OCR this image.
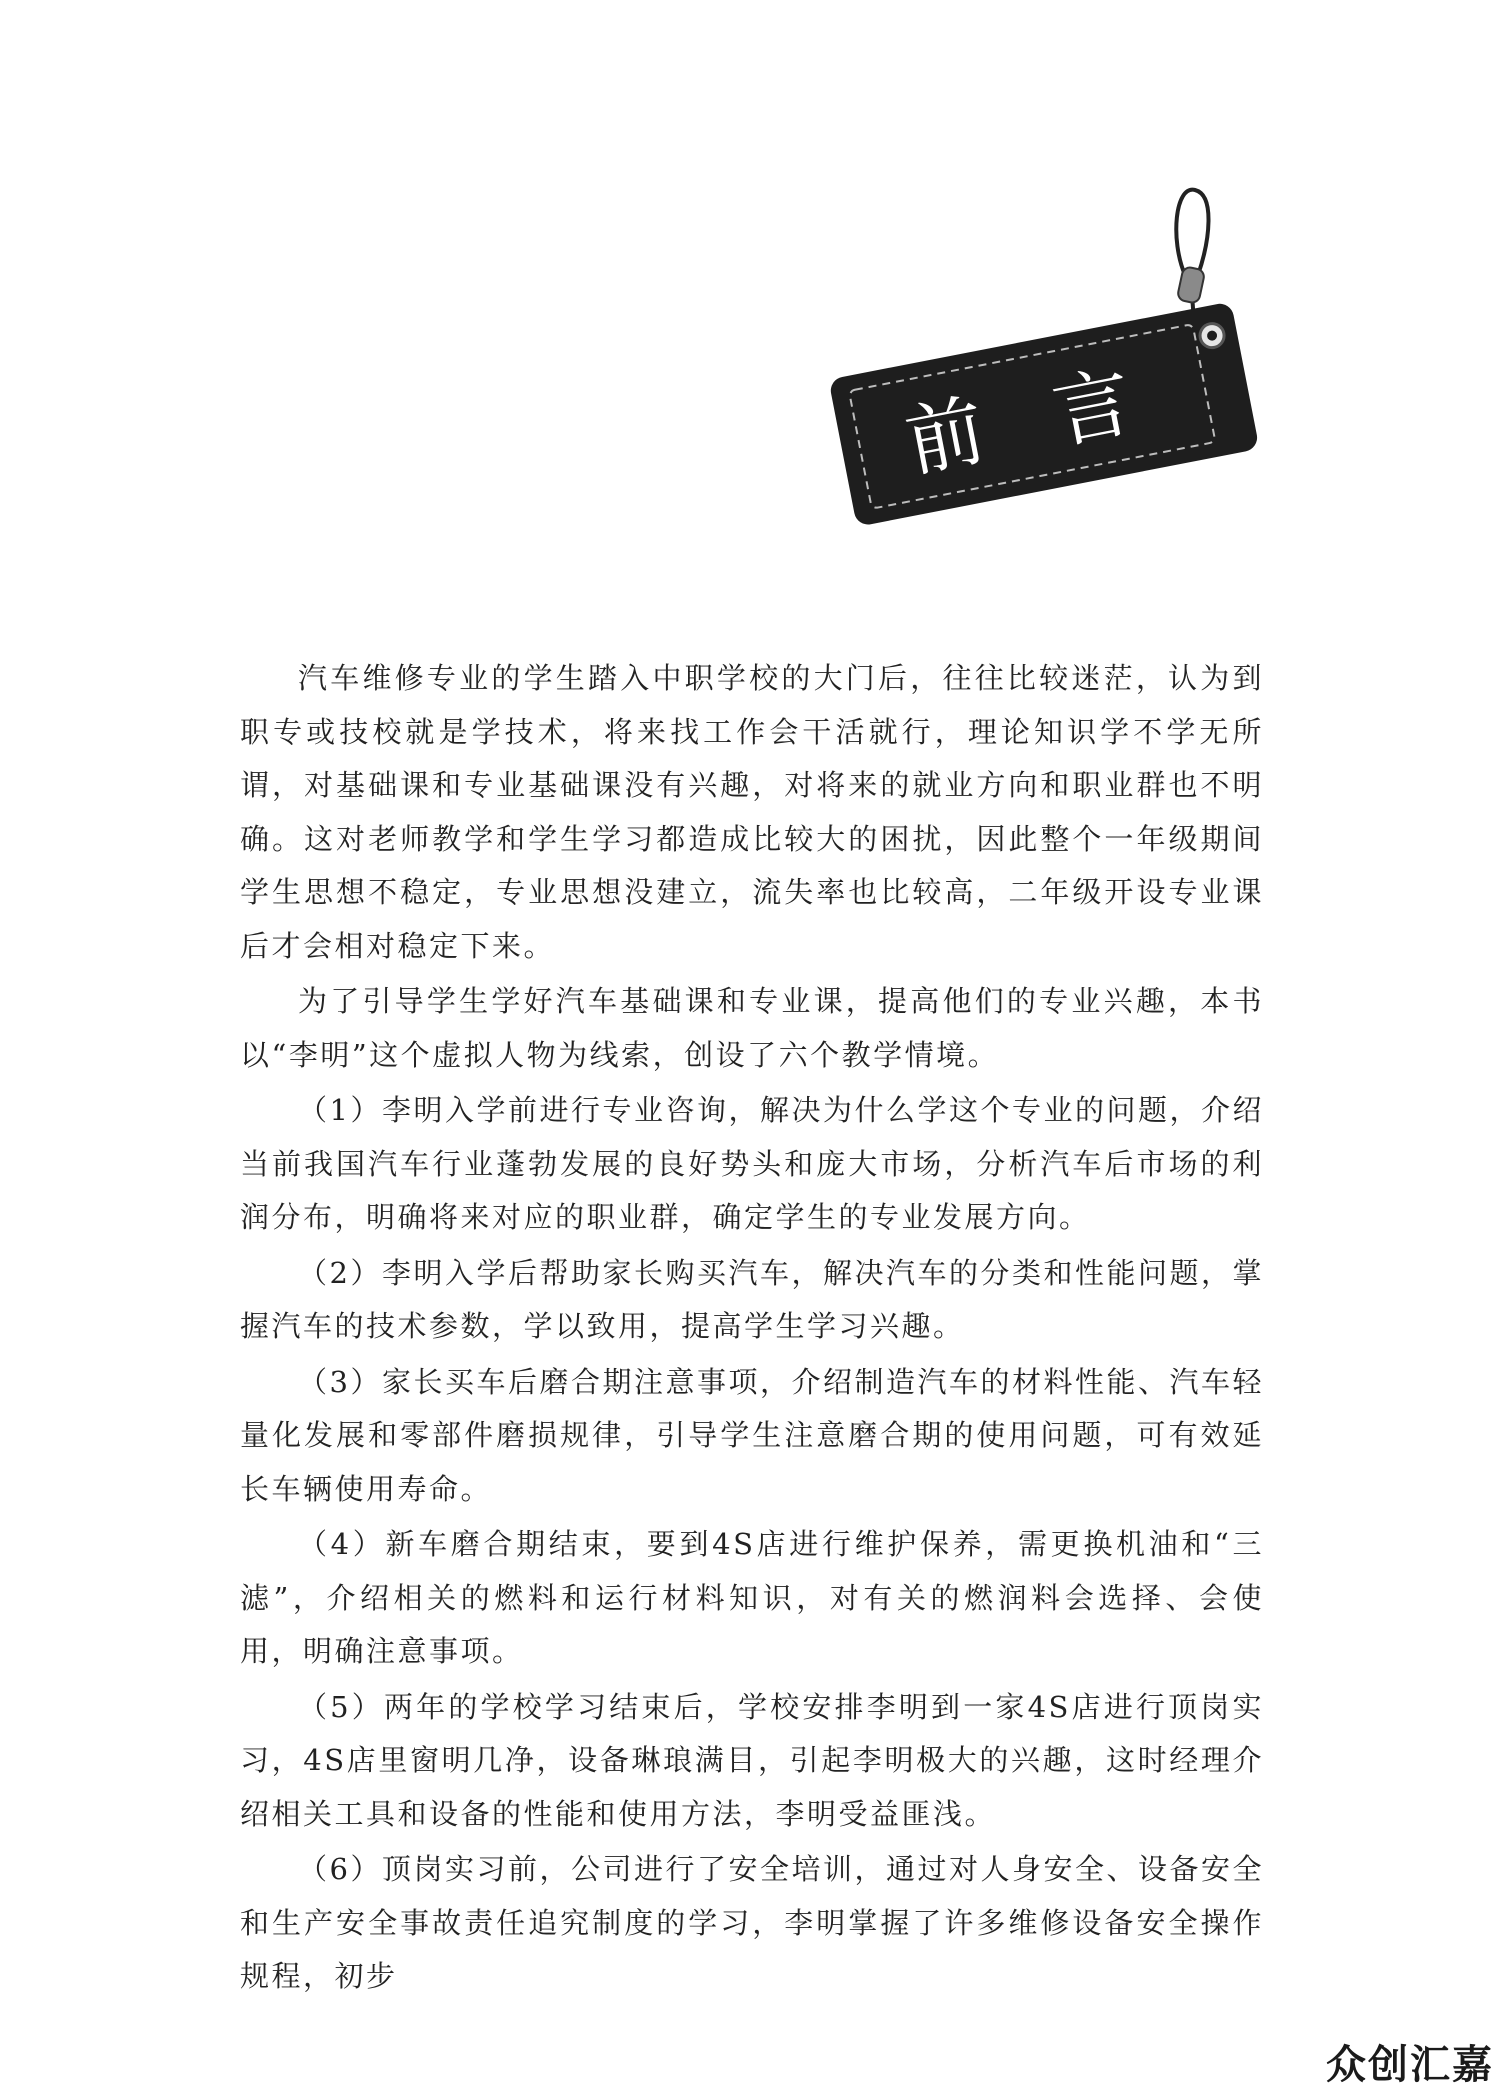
前 言

汽车维修专业的学生踏入中职学校的大门后，往往比较迷茫，认为到职专或技校就是学技术，将来找工作会干活就行，理论知识学不学无所谓，对基础课和专业基础课没有兴趣，对将来的就业方向和职业群也不明确。这对老师教学和学生学习都造成比较大的困扰，因此整个一年级期间学生思想不稳定，专业思想没建立，流失率也比较高，二年级开设专业课后才会相对稳定下来。

为了引导学生学好汽车基础课和专业课，提高他们的专业兴趣，本书以“李明”这个虚拟人物为线索，创设了六个教学情境。

（1）李明入学前进行专业咨询，解决为什么学这个专业的问题，介绍当前我国汽车行业蓬勃发展的良好势头和庞大市场，分析汽车后市场的利润分布，明确将来对应的职业群，确定学生的专业发展方向。

（2）李明入学后帮助家长购买汽车，解决汽车的分类和性能问题，掌握汽车的技术参数，学以致用，提高学生学习兴趣。

（3）家长买车后磨合期注意事项，介绍制造汽车的材料性能、汽车轻量化发展和零部件磨损规律，引导学生注意磨合期的使用问题，可有效延长车辆使用寿命。

（4）新车磨合期结束，要到4S店进行维护保养，需更换机油和“三滤”，介绍相关的燃料和运行材料知识，对有关的燃润料会选择、会使用，明确注意事项。

（5）两年的学校学习结束后，学校安排李明到一家4S店进行顶岗实习，4S店里窗明几净，设备琳琅满目，引起李明极大的兴趣，这时经理介绍相关工具和设备的性能和使用方法，李明受益匪浅。

（6）顶岗实习前，公司进行了安全培训，通过对人身安全、设备安全和生产安全事故责任追究制度的学习，李明掌握了许多维修设备安全操作规程，初步

众创汇嘉
